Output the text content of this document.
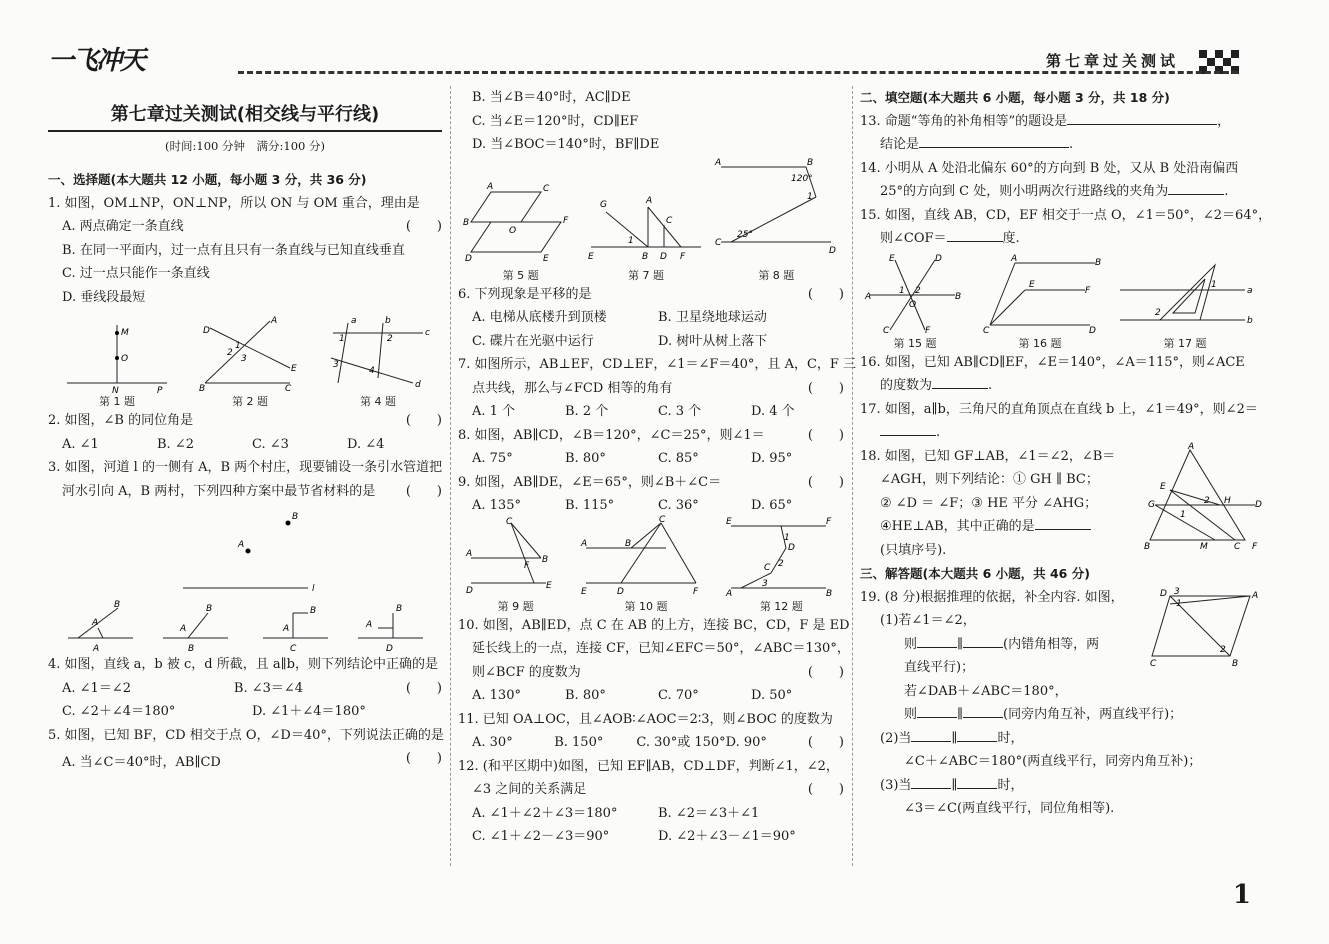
一飞冲天	第七章过关测试
第七章过关测试(相交线与平行线)
(时间:100 分钟　满分:100 分)
一、选择题(本大题共 12 小题，每小题 3 分，共 36 分)
1. 如图，OM⊥NP，ON⊥NP，所以 ON 与 OM 重合，理由是
(　　)
A. 两点确定一条直线
B. 在同一平面内，过一点有且只有一条直线与已知直线垂直
C. 过一点只能作一条直线
D. 垂线段最短
M
O
N	P
第 1 题
D
A
E
B	C
1
2
3
第 2 题
a	b
c
d
1	2
3
4
第 4 题
2. 如图，∠B 的同位角是	(　　)
A. ∠1	B. ∠2	C. ∠3	D. ∠4
3. 如图，河道 l 的一侧有 A，B 两个村庄，现要铺设一条引水管道把
河水引向 A，B 两村，下列四种方案中最节省材料的是 (　　)
B
A
l
B
A
A
B
A
B
B
A
C
B
A
D
4. 如图，直线 a，b 被 c，d 所截，且 a∥b，则下列结论中正确的是
(　　)
A. ∠1＝∠2	B. ∠3＝∠4
C. ∠2＋∠4＝180°	D. ∠1＋∠4＝180°
5. 如图，已知 BF，CD 相交于点 O，∠D＝40°，下列说法正确的是
(　　)
A. 当∠C＝40°时，AB∥CD
B. 当∠B＝40°时，AC∥DE
C. 当∠E＝120°时，CD∥EF
D. 当∠BOC＝140°时，BF∥DE
A	C
B	F
O
D	E
第 5 题
G	A
C
1
E	B D F
第 7 题
A	B
120°
1
C
25°
D
第 8 题
6. 下列现象是平移的是	(　　)
A. 电梯从底楼升到顶楼	B. 卫星绕地球运动
C. 碟片在光驱中运行	D. 树叶从树上落下
7. 如图所示，AB⊥EF，CD⊥EF，∠1＝∠F＝40°，且 A，C，F 三
点共线，那么与∠FCD 相等的角有	(　　)
A. 1 个	B. 2 个	C. 3 个	D. 4 个
8. 如图，AB∥CD，∠B＝120°，∠C＝25°，则∠1＝	(　　)
A. 75°	B. 80°	C. 85°	D. 95°
9. 如图，AB∥DE，∠E＝65°，则∠B＋∠C＝	(　　)
A. 135°	B. 115°	C. 36°	D. 65°
C
A
B
F
D	E
第 9 题
C
A	B
E	D	F
第 10 题
E	F
1
2
3
D
C
A	B
第 12 题
10. 如图，AB∥ED，点 C 在 AB 的上方，连接 BC，CD，F 是 ED
延长线上的一点，连接 CF，已知∠EFC＝50°，∠ABC＝130°，
则∠BCF 的度数为	(　　)
A. 130°	B. 80°	C. 70°	D. 50°
11. 已知 OA⊥OC，且∠AOB∶∠AOC＝2∶3，则∠BOC 的度数为
(　　)
A. 30°	B. 150°	C. 30°或 150° D. 90°
12. (和平区期中)如图，已知 EF∥AB，CD⊥DF，判断∠1，∠2，
∠3 之间的关系满足	(　　)
A. ∠1＋∠2＋∠3＝180°	B. ∠2＝∠3＋∠1
C. ∠1＋∠2－∠3＝90°	D. ∠2＋∠3－∠1＝90°
二、填空题(本大题共 6 小题，每小题 3 分，共 18 分)
13. 命题“等角的补角相等”的题设是	，
结论是	.
14. 小明从 A 处沿北偏东 60°的方向到 B 处，又从 B 处沿南偏西
25°的方向到 C 处，则小明两次行进路线的夹角为	.
15. 如图，直线 AB，CD，EF 相交于一点 O，∠1＝50°，∠2＝64°，
则∠COF＝	度.
E	D
A	B
1 2
O
C	F
第 15 题
A	B
E
F
C	D
第 16 题
a
b
1
2
第 17 题
16. 如图，已知 AB∥CD∥EF，∠E＝140°，∠A＝115°，则∠ACE
的度数为	.
17. 如图，a∥b，三角尺的直角顶点在直线 b 上，∠1＝49°，则∠2＝
.
18. 如图，已知 GF⊥AB，∠1＝∠2，∠B＝
∠AGH，则下列结论：① GH ∥ BC；
② ∠D ＝ ∠F；③ HE 平分 ∠AHG；
④HE⊥AB，其中正确的是
(只填序号).
A
E
G	H	D
2
1
B	M	C F
三、解答题(本大题共 6 小题，共 46 分)
19. (8 分)根据推理的依据，补全内容. 如图，
(1)若∠1＝∠2，
则	∥	(内错角相等，两
直线平行)；
D 3
1
A
2
C	B
若∠DAB＋∠ABC＝180°，
则	∥	(同旁内角互补，两直线平行)；
(2)当	∥	时，
∠C＋∠ABC＝180°(两直线平行，同旁内角互补)；
(3)当	∥	时，
∠3＝∠C(两直线平行，同位角相等).
1
